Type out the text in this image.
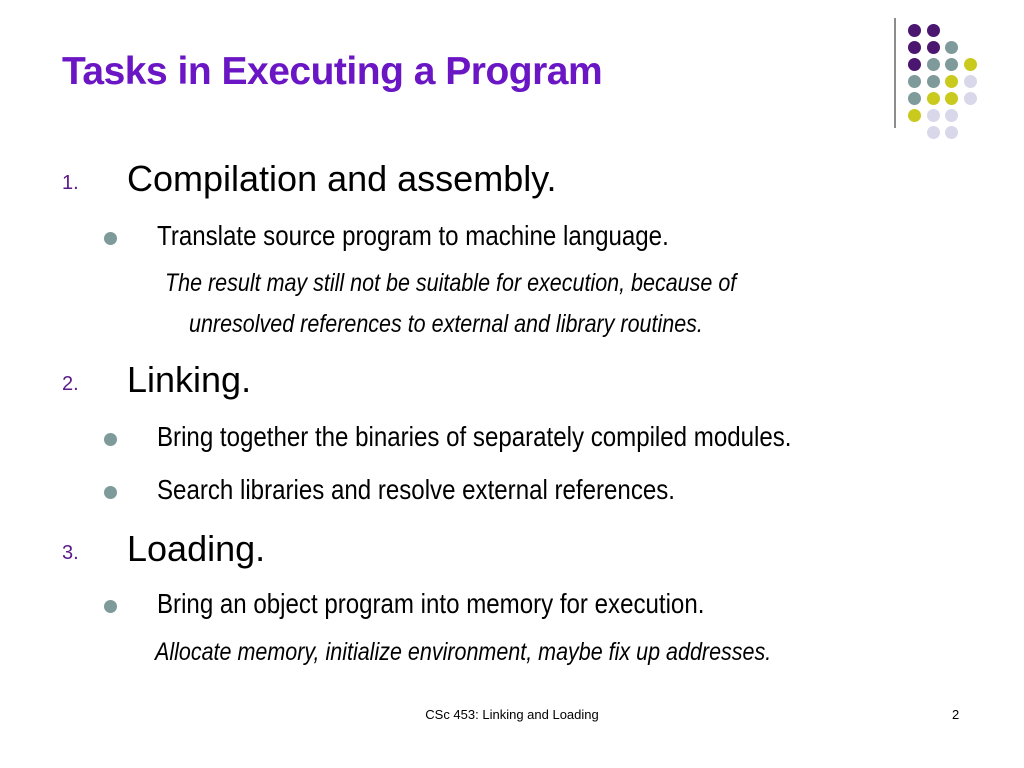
Tasks in Executing a Program
1. Compilation and assembly.
Translate source program to machine language.
The result may still not be suitable for execution, because of
unresolved references to external and library routines.
2. Linking.
Bring together the binaries of separately compiled modules.
Search libraries and resolve external references.
3. Loading.
Bring an object program into memory for execution.
Allocate memory, initialize environment, maybe fix up addresses.
CSc 453: Linking and Loading	2
